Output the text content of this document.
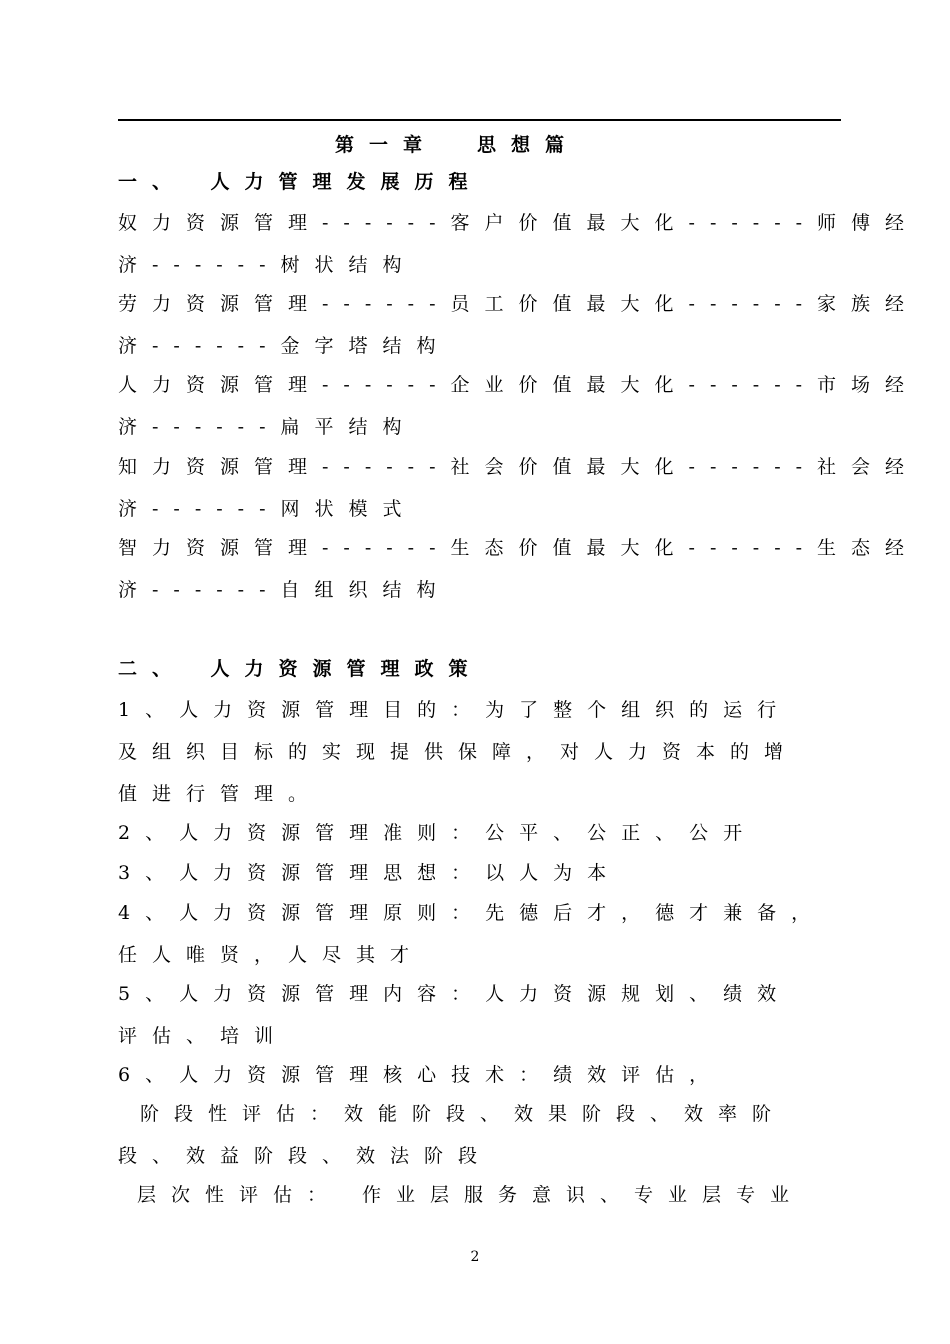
第一章 思想篇
一、　人力管理发展历程
奴力资源管理------客户价值最大化------师傅经
济------树状结构
劳力资源管理------员工价值最大化------家族经
济------金字塔结构
人力资源管理------企业价值最大化------市场经
济------扁平结构
知力资源管理------社会价值最大化------社会经
济------网状模式
智力资源管理------生态价值最大化------生态经
济------自组织结构
二、　人力资源管理政策
1、人力资源管理目的：为了整个组织的运行
及组织目标的实现提供保障，对人力资本的增
值进行管理。
2、人力资源管理准则：公平、公正、公开
3、人力资源管理思想：以人为本
4、人力资源管理原则：先德后才，德才兼备，
任人唯贤，人尽其才
5、人力资源管理内容：人力资源规划、绩效
评估、培训
6、人力资源管理核心技术：绩效评估，
阶段性评估：效能阶段、效果阶段、效率阶
段、效益阶段、效法阶段
层次性评估： 作业层服务意识、专业层专业
2
